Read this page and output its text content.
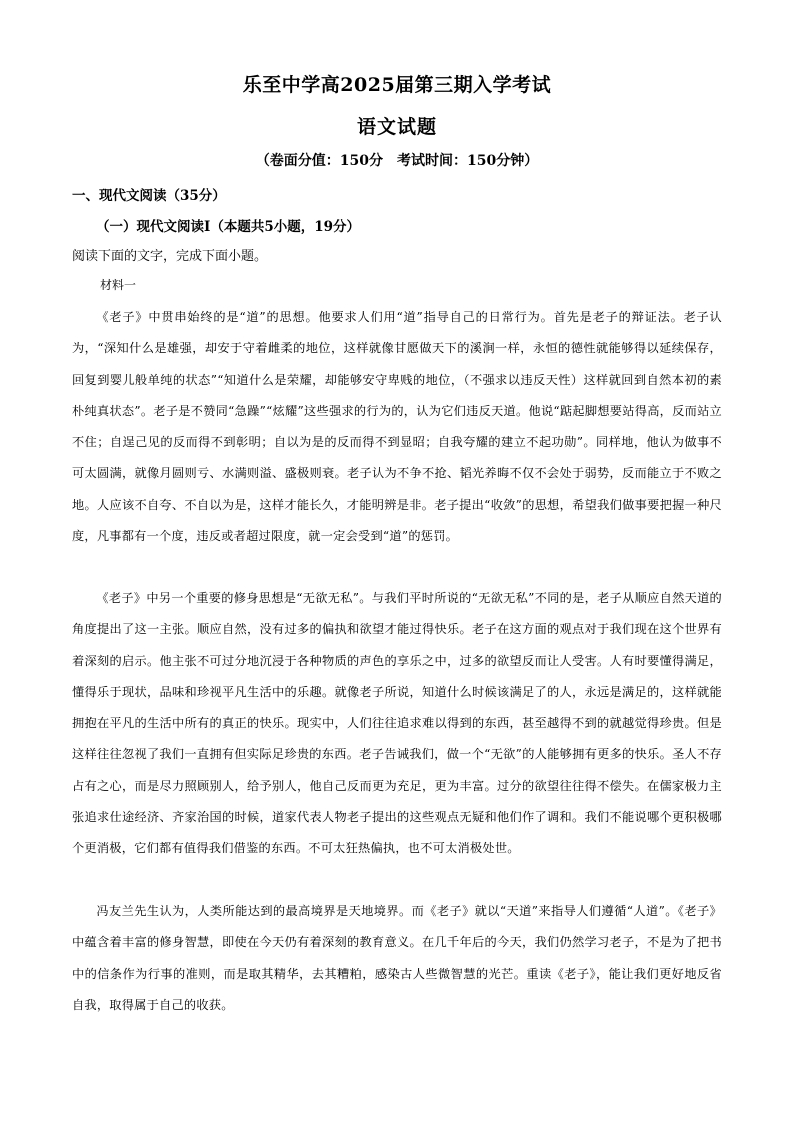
乐至中学高2025届第三期入学考试
语文试题
（卷面分值：150分　考试时间：150分钟）
一、现代文阅读（35分）
（一）现代文阅读Ⅰ（本题共5小题，19分）
阅读下面的文字，完成下面小题。
材料一
《老子》中贯串始终的是“道”的思想。他要求人们用“道”指导自己的日常行为。首先是老子的辩证法。老子认为，“深知什么是雄强，却安于守着雌柔的地位，这样就像甘愿做天下的溪涧一样，永恒的德性就能够得以延续保存，回复到婴儿般单纯的状态”“知道什么是荣耀，却能够安守卑贱的地位，（不强求以违反天性）这样就回到自然本初的素朴纯真状态”。老子是不赞同“急躁”“炫耀”这些强求的行为的，认为它们违反天道。他说“踮起脚想要站得高，反而站立不住；自逞己见的反而得不到彰明；自以为是的反而得不到显昭；自我夸耀的建立不起功勋”。同样地，他认为做事不可太圆满，就像月圆则亏、水满则溢、盛极则衰。老子认为不争不抢、韬光养晦不仅不会处于弱势，反而能立于不败之地。人应该不自夸、不自以为是，这样才能长久，才能明辨是非。老子提出“收敛”的思想，希望我们做事要把握一种尺度，凡事都有一个度，违反或者超过限度，就一定会受到“道”的惩罚。
《老子》中另一个重要的修身思想是“无欲无私”。与我们平时所说的“无欲无私”不同的是，老子从顺应自然天道的角度提出了这一主张。顺应自然，没有过多的偏执和欲望才能过得快乐。老子在这方面的观点对于我们现在这个世界有着深刻的启示。他主张不可过分地沉浸于各种物质的声色的享乐之中，过多的欲望反而让人受害。人有时要懂得满足，懂得乐于现状，品味和珍视平凡生活中的乐趣。就像老子所说，知道什么时候该满足了的人，永远是满足的，这样就能拥抱在平凡的生活中所有的真正的快乐。现实中，人们往往追求难以得到的东西，甚至越得不到的就越觉得珍贵。但是这样往往忽视了我们一直拥有但实际足珍贵的东西。老子告诫我们，做一个“无欲”的人能够拥有更多的快乐。圣人不存占有之心，而是尽力照顾别人，给予别人，他自己反而更为充足，更为丰富。过分的欲望往往得不偿失。在儒家极力主张追求仕途经济、齐家治国的时候，道家代表人物老子提出的这些观点无疑和他们作了调和。我们不能说哪个更积极哪个更消极，它们都有值得我们借鉴的东西。不可太狂热偏执，也不可太消极处世。
冯友兰先生认为，人类所能达到的最高境界是天地境界。而《老子》就以“天道”来指导人们遵循“人道”。《老子》中蕴含着丰富的修身智慧，即使在今天仍有着深刻的教育意义。在几千年后的今天，我们仍然学习老子，不是为了把书中的信条作为行事的准则，而是取其精华，去其糟粕，感染古人些微智慧的光芒。重读《老子》，能让我们更好地反省自我，取得属于自己的收获。
